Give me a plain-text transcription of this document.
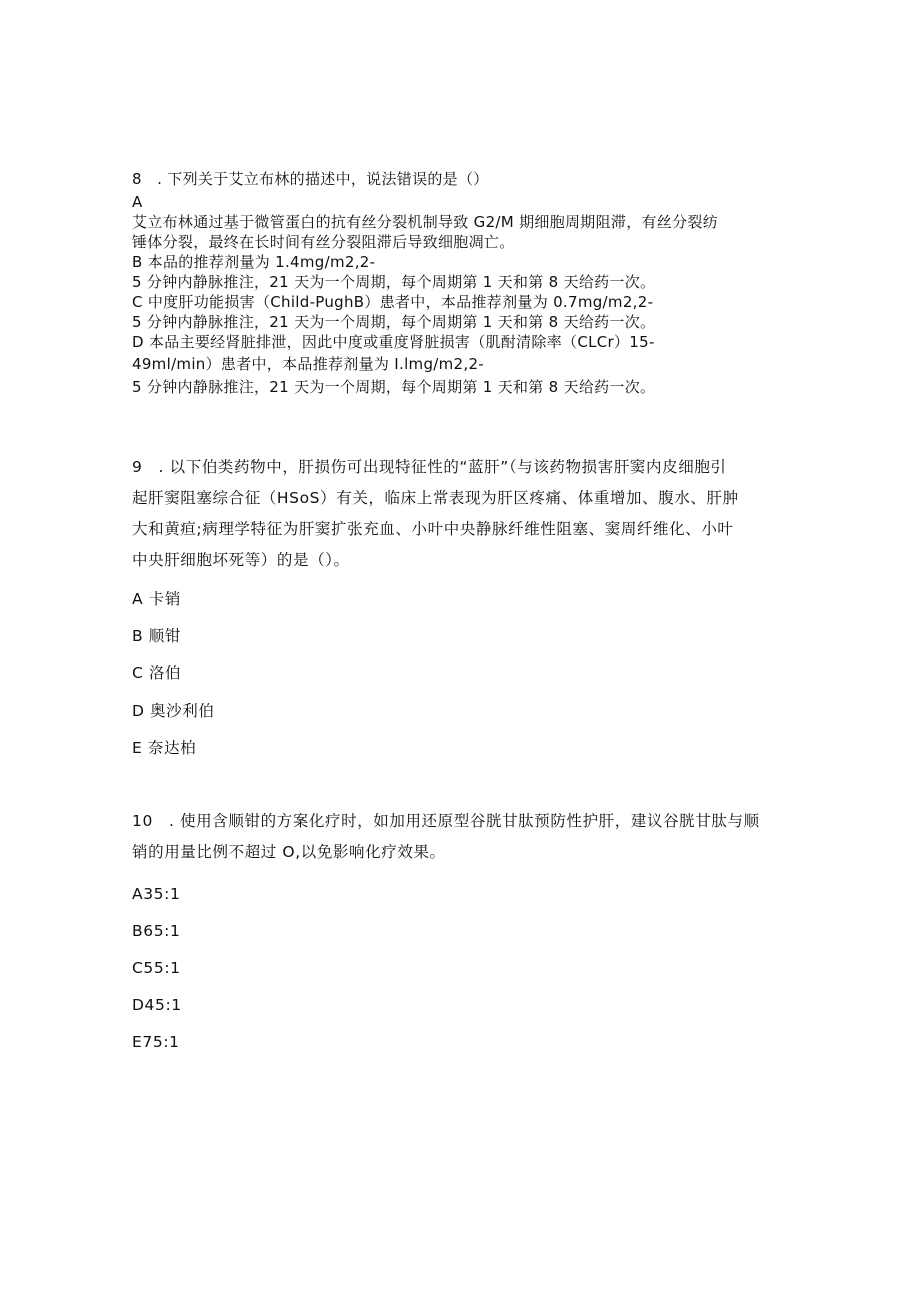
8　. 下列关于艾立布林的描述中，说法错误的是（）
A
艾立布林通过基于微管蛋白的抗有丝分裂机制导致 G2/M 期细胞周期阻滞，有丝分裂纺
锤体分裂，最终在长时间有丝分裂阻滞后导致细胞凋亡。
B 本品的推荐剂量为 1.4mg/m2,2-
5 分钟内静脉推注，21 天为一个周期，每个周期第 1 天和第 8 天给药一次。
C 中度肝功能损害（Child-PughB）患者中，本品推荐剂量为 0.7mg/m2,2-
5 分钟内静脉推注，21 天为一个周期，每个周期第 1 天和第 8 天给药一次。
D 本品主要经肾脏排泄，因此中度或重度肾脏损害（肌酎清除率（CLCr）15-
49ml/min）患者中，本品推荐剂量为 I.lmg/m2,2-
5 分钟内静脉推注，21 天为一个周期，每个周期第 1 天和第 8 天给药一次。
9　. 以下伯类药物中，肝损伤可出现特征性的“蓝肝”（与该药物损害肝窦内皮细胞引
起肝窦阻塞综合征（HSoS）有关，临床上常表现为肝区疼痛、体重增加、腹水、肝肿
大和黄疸;病理学特征为肝窦扩张充血、小叶中央静脉纤维性阻塞、窦周纤维化、小叶
中央肝细胞坏死等）的是（）。
A 卡销
B 顺钳
C 洛伯
D 奥沙利伯
E 奈达柏
10　. 使用含顺钳的方案化疗时，如加用还原型谷胱甘肽预防性护肝，建议谷胱甘肽与顺
销的用量比例不超过 O,以免影响化疗效果。
A35:1
B65:1
C55:1
D45:1
E75:1
